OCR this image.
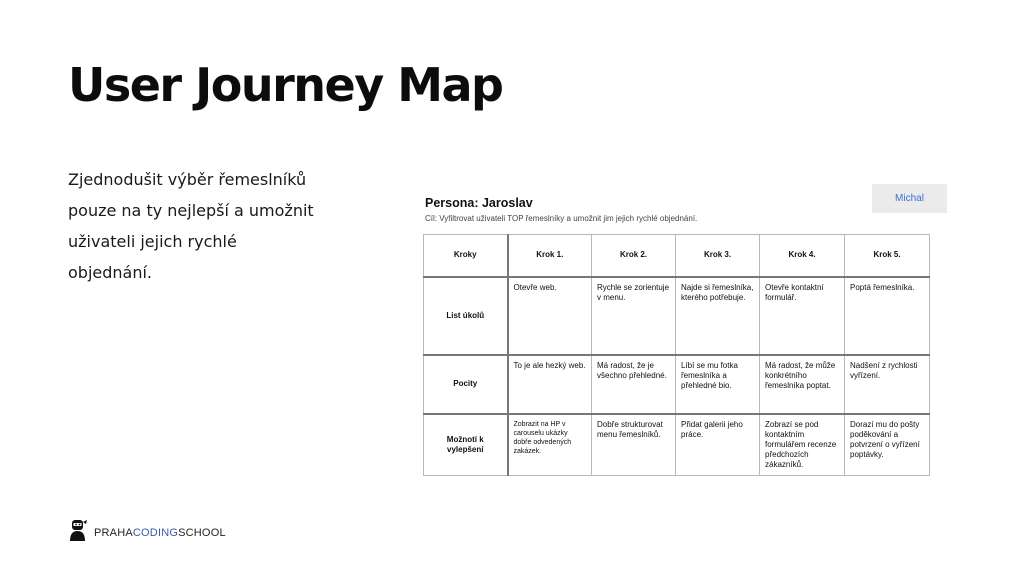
User Journey Map

Zjednodušit výběr řemeslníků pouze na ty nejlepší a umožnit uživateli jejich rychlé objednání.

Persona: Jaroslav
Cíl: Vyfiltrovat uživateli TOP řemeslníky a umožnit jim jejich rychlé objednání.
Michal
Kroky	Krok 1.	Krok 2.	Krok 3.	Krok 4.	Krok 5.
List úkolů	Otevře web.	Rychle se zorientuje v menu.	Najde si řemeslníka, kterého potřebuje.	Otevře kontaktní formulář.	Poptá řemeslníka.
Pocity	To je ale hezký web.	Má radost, že je všechno přehledné.	Líbí se mu fotka řemeslníka a přehledné bio.	Má radost, že může konkrétního řemeslníka poptat.	Nadšení z rychlosti vyřízení.
Možnotí k vylepšení	Zobrazit na HP v carouselu ukázky dobře odvedených zakázek.	Dobře strukturovat menu řemeslníků.	Přidat galerii jeho práce.	Zobrazí se pod kontaktním formulářem recenze předchozích zákazníků.	Dorazí mu do pošty poděkování a potvrzení o vyřízení poptávky.
PRAHACODINGSCHOOL
